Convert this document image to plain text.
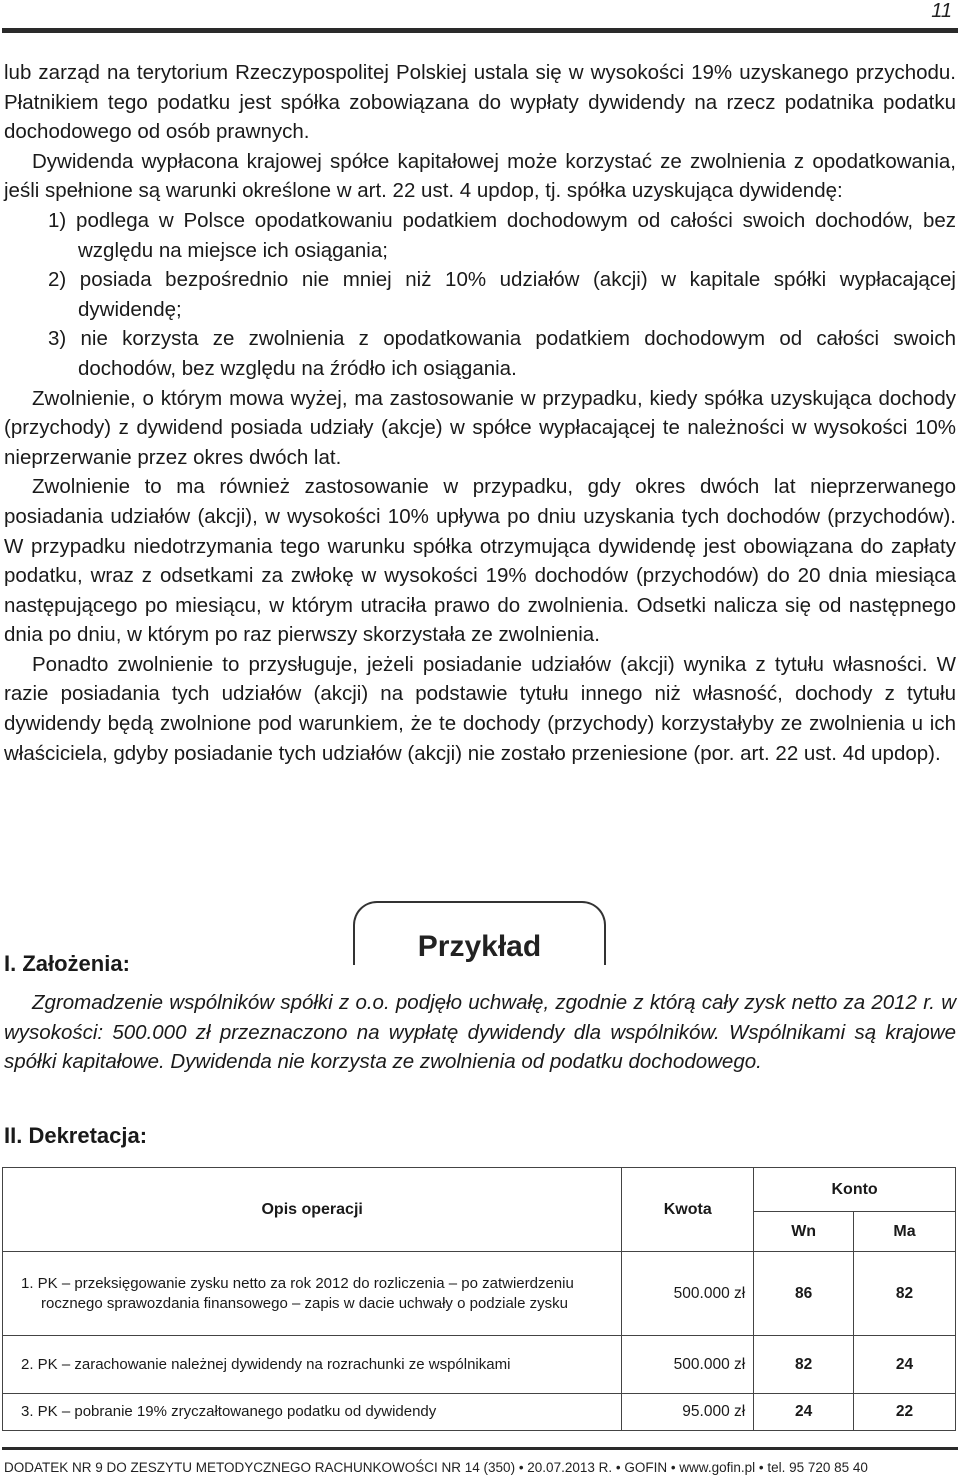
11

lub zarząd na terytorium Rzeczypospolitej Polskiej ustala się w wysokości 19% uzyskanego przychodu. Płatnikiem tego podatku jest spółka zobowiązana do wypłaty dywidendy na rzecz podatnika podatku dochodowego od osób prawnych.

Dywidenda wypłacona krajowej spółce kapitałowej może korzystać ze zwolnienia z opodatkowania, jeśli spełnione są warunki określone w art. 22 ust. 4 updop, tj. spółka uzyskująca dywidendę:

1) podlega w Polsce opodatkowaniu podatkiem dochodowym od całości swoich dochodów, bez względu na miejsce ich osiągania;
2) posiada bezpośrednio nie mniej niż 10% udziałów (akcji) w kapitale spółki wypłacającej dywidendę;
3) nie korzysta ze zwolnienia z opodatkowania podatkiem dochodowym od całości swoich dochodów, bez względu na źródło ich osiągania.

Zwolnienie, o którym mowa wyżej, ma zastosowanie w przypadku, kiedy spółka uzyskująca dochody (przychody) z dywidend posiada udziały (akcje) w spółce wypłacającej te należności w wysokości 10% nieprzerwanie przez okres dwóch lat.

Zwolnienie to ma również zastosowanie w przypadku, gdy okres dwóch lat nieprzerwanego posiadania udziałów (akcji), w wysokości 10% upływa po dniu uzyskania tych dochodów (przychodów). W przypadku niedotrzymania tego warunku spółka otrzymująca dywidendę jest obowiązana do zapłaty podatku, wraz z odsetkami za zwłokę w wysokości 19% dochodów (przychodów) do 20 dnia miesiąca następującego po miesiącu, w którym utraciła prawo do zwolnienia. Odsetki nalicza się od następnego dnia po dniu, w którym po raz pierwszy skorzystała ze zwolnienia.

Ponadto zwolnienie to przysługuje, jeżeli posiadanie udziałów (akcji) wynika z tytułu własności. W razie posiadania tych udziałów (akcji) na podstawie tytułu innego niż własność, dochody z tytułu dywidendy będą zwolnione pod warunkiem, że te dochody (przychody) korzystałyby ze zwolnienia u ich właściciela, gdyby posiadanie tych udziałów (akcji) nie zostało przeniesione (por. art. 22 ust. 4d updop).

Przykład
I. Założenia:
Zgromadzenie wspólników spółki z o.o. podjęło uchwałę, zgodnie z którą cały zysk netto za 2012 r. w wysokości: 500.000 zł przeznaczono na wypłatę dywidendy dla wspólników. Wspólnikami są krajowe spółki kapitałowe. Dywidenda nie korzysta ze zwolnienia od podatku dochodowego.
II. Dekretacja:
Opis operacji	Kwota	Konto	
		Wn	Ma
1. PK – przeksięgowanie zysku netto za rok 2012 do rozliczenia – po zatwierdzeniu rocznego sprawozdania finansowego – zapis w dacie uchwały o podziale zysku	500.000 zł	86	82
2. PK – zarachowanie należnej dywidendy na rozrachunki ze wspólnikami	500.000 zł	82	24
3. PK – pobranie 19% zryczałtowanego podatku od dywidendy	95.000 zł	24	22
DODATEK NR 9 DO ZESZYTU METODYCZNEGO RACHUNKOWOŚCI NR 14 (350) • 20.07.2013 R. • GOFIN • www.gofin.pl • tel. 95 720 85 40
